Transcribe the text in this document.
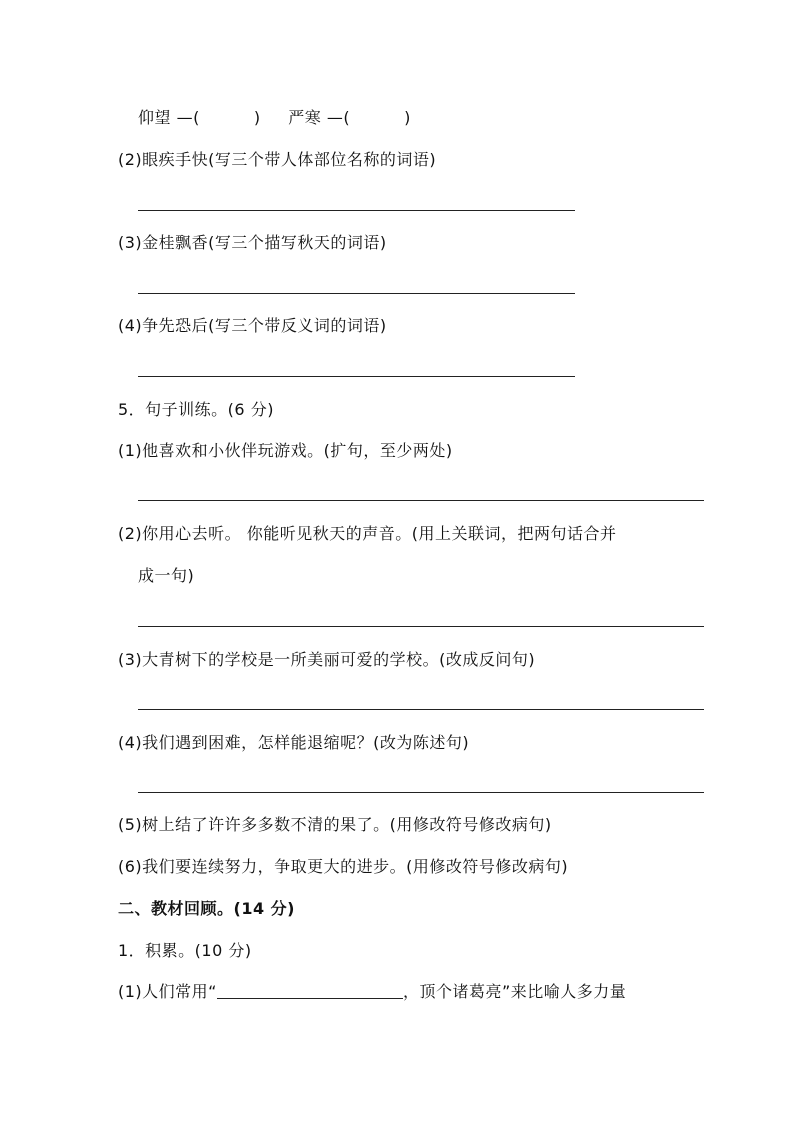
仰望 —(	) 严寒 —(	)
(2)眼疾手快(写三个带人体部位名称的词语)
(3)金桂飘香(写三个描写秋天的词语)
(4)争先恐后(写三个带反义词的词语)
5．句子训练。(6 分)
(1)他喜欢和小伙伴玩游戏。(扩句，至少两处)
(2)你用心去听。 你能听见秋天的声音。(用上关联词，把两句话合并
成一句)
(3)大青树下的学校是一所美丽可爱的学校。(改成反问句)
(4)我们遇到困难，怎样能退缩呢？(改为陈述句)
(5)树上结了许许多多数不清的果了。(用修改符号修改病句)
(6)我们要连续努力，争取更大的进步。(用修改符号修改病句)
二、教材回顾。(14 分)
1．积累。(10 分)
(1)人们常用“	，顶个诸葛亮”来比喻人多力量
